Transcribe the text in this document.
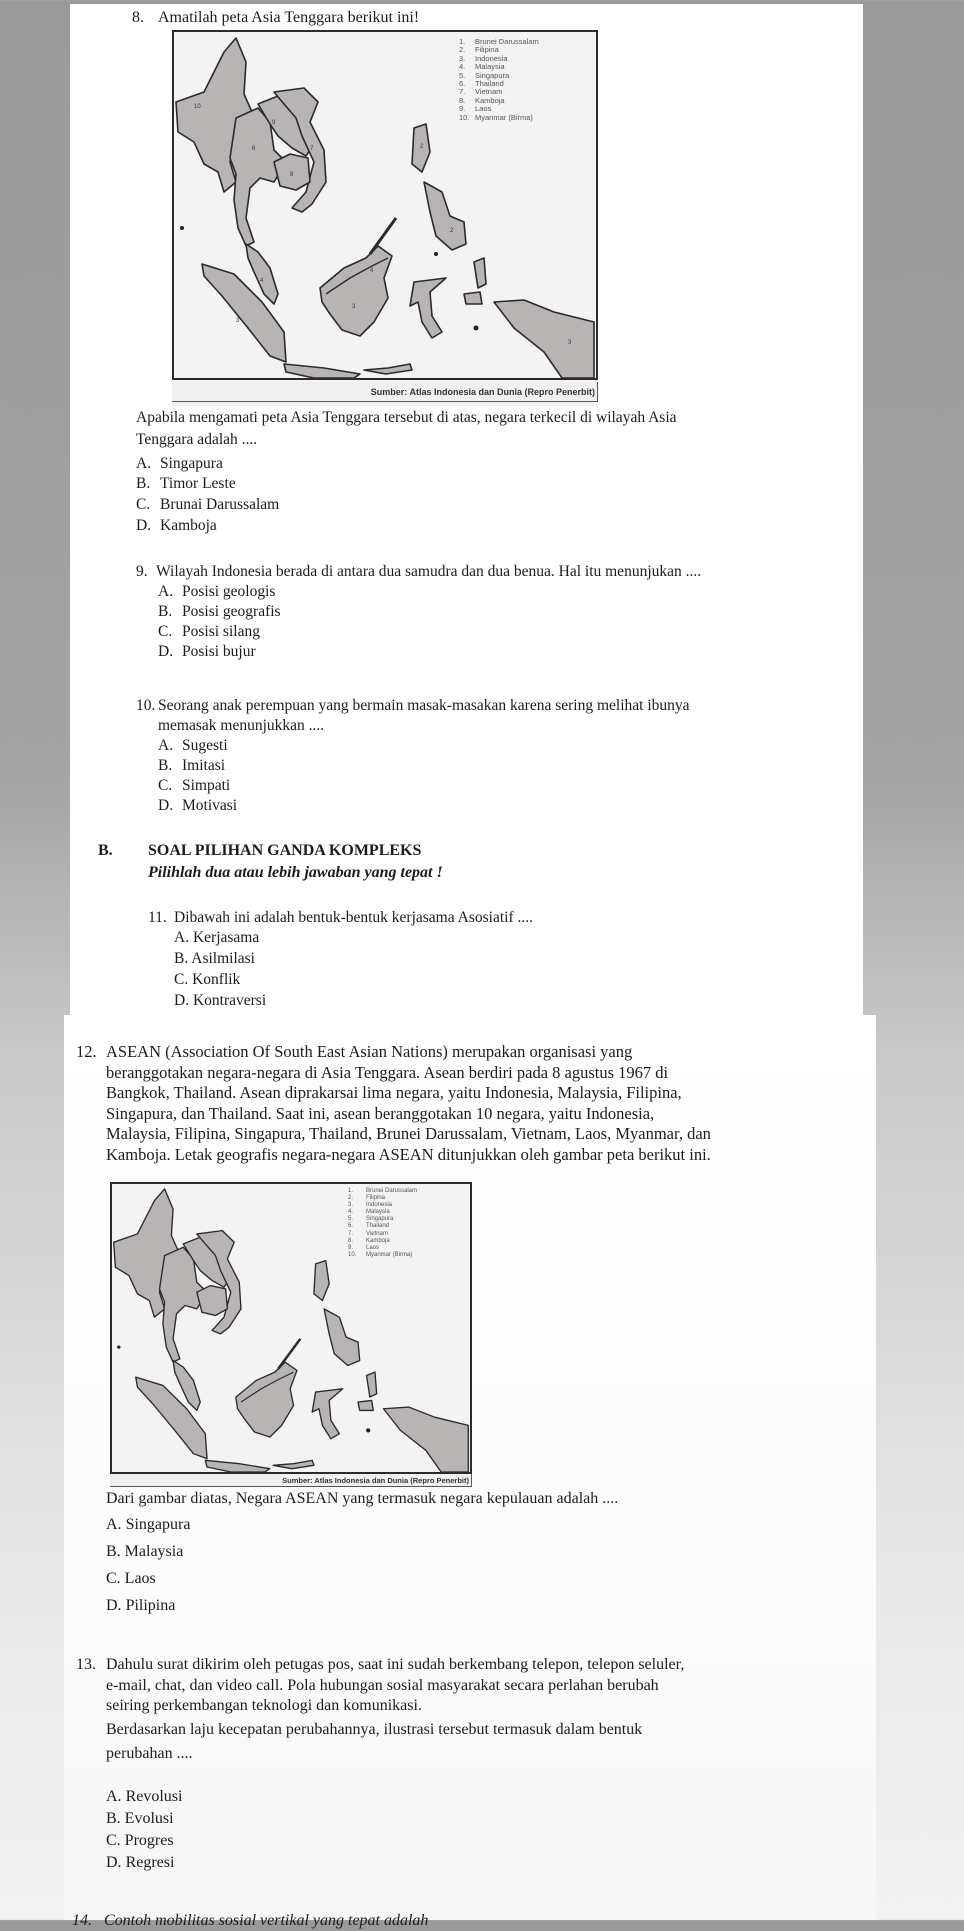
8. Amatilah peta Asia Tenggara berikut ini!
10
9
6
8
7
4
3
3
4
2
2
3
1.	Brunei Darussalam
2.	Filipina
3.	Indonesia
4.	Malaysia
5.	Singapura
6.	Thailand
7.	Vietnam
8.	Kamboja
9.	Laos
10. Myanmar (Birma)
Sumber: Atlas Indonesia dan Dunia (Repro Penerbit)
Apabila mengamati peta Asia Tenggara tersebut di atas, negara terkecil di wilayah Asia
Tenggara adalah ....
A. Singapura
B. Timor Leste
C. Brunai Darussalam
D. Kamboja
9. Wilayah Indonesia berada di antara dua samudra dan dua benua. Hal itu menunjukan ....
A. Posisi geologis
B. Posisi geografis
C. Posisi silang
D. Posisi bujur
10. Seorang anak perempuan yang bermain masak-masakan karena sering melihat ibunya
memasak menunjukkan ....
A. Sugesti
B. Imitasi
C. Simpati
D. Motivasi
B. SOAL PILIHAN GANDA KOMPLEKS
Pilihlah dua atau lebih jawaban yang tepat !
11. Dibawah ini adalah bentuk-bentuk kerjasama Asosiatif ....
A. Kerjasama
B. Asilmilasi
C. Konflik
D. Kontraversi
12. ASEAN (Association Of South East Asian Nations) merupakan organisasi yang
beranggotakan negara-negara di Asia Tenggara. Asean berdiri pada 8 agustus 1967 di
Bangkok, Thailand. Asean diprakarsai lima negara, yaitu Indonesia, Malaysia, Filipina,
Singapura, dan Thailand. Saat ini, asean beranggotakan 10 negara, yaitu Indonesia,
Malaysia, Filipina, Singapura, Thailand, Brunei Darussalam, Vietnam, Laos, Myanmar, dan
Kamboja. Letak geografis negara-negara ASEAN ditunjukkan oleh gambar peta berikut ini.
1.	Brunei Darussalam
2.	Filipina
3.	Indonesia
4.	Malaysia
5.	Singapura
6.	Thailand
7.	Vietnam
8.	Kamboja
9.	Laos
10.	Myanmar (Birma)
Sumber: Atlas Indonesia dan Dunia (Repro Penerbit)
Dari gambar diatas, Negara ASEAN yang termasuk negara kepulauan adalah ....
A. Singapura
B. Malaysia
C. Laos
D. Pilipina
13. Dahulu surat dikirim oleh petugas pos, saat ini sudah berkembang telepon, telepon seluler,
e-mail, chat, dan video call. Pola hubungan sosial masyarakat secara perlahan berubah
seiring perkembangan teknologi dan komunikasi.
Berdasarkan laju kecepatan perubahannya, ilustrasi tersebut termasuk dalam bentuk
perubahan ....
A. Revolusi
B. Evolusi
C. Progres
D. Regresi
14. Contoh mobilitas sosial vertikal yang tepat adalah
